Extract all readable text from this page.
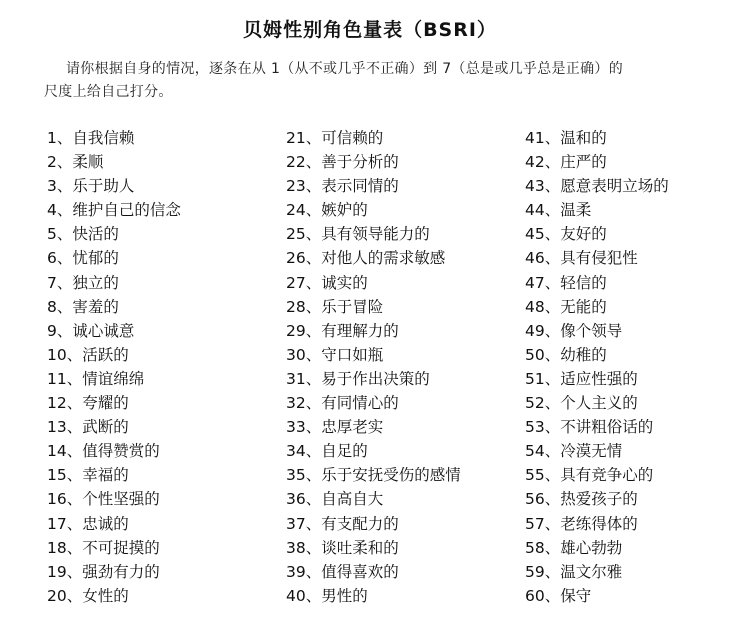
贝姆性别角色量表（BSRI）

请你根据自身的情况，逐条在从 1（从不或几乎不正确）到 7（总是或几乎总是正确）的

尺度上给自己打分。

1、自我信赖
2、柔顺
3、乐于助人
4、维护自己的信念
5、快活的
6、忧郁的
7、独立的
8、害羞的
9、诚心诚意
10、活跃的
11、情谊绵绵
12、夸耀的
13、武断的
14、值得赞赏的
15、幸福的
16、个性坚强的
17、忠诚的
18、不可捉摸的
19、强劲有力的
20、女性的
21、可信赖的
22、善于分析的
23、表示同情的
24、嫉妒的
25、具有领导能力的
26、对他人的需求敏感
27、诚实的
28、乐于冒险
29、有理解力的
30、守口如瓶
31、易于作出决策的
32、有同情心的
33、忠厚老实
34、自足的
35、乐于安抚受伤的感情
36、自高自大
37、有支配力的
38、谈吐柔和的
39、值得喜欢的
40、男性的
41、温和的
42、庄严的
43、愿意表明立场的
44、温柔
45、友好的
46、具有侵犯性
47、轻信的
48、无能的
49、像个领导
50、幼稚的
51、适应性强的
52、个人主义的
53、不讲粗俗话的
54、冷漠无情
55、具有竞争心的
56、热爱孩子的
57、老练得体的
58、雄心勃勃
59、温文尔雅
60、保守
